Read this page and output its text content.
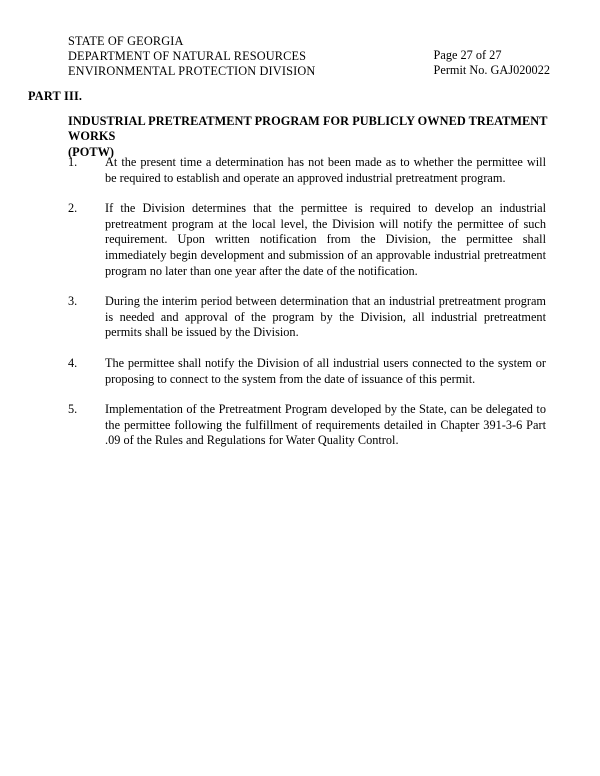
STATE OF GEORGIA
DEPARTMENT OF NATURAL RESOURCES
ENVIRONMENTAL PROTECTION DIVISION
Page 27 of 27
Permit No. GAJ020022
PART III.
INDUSTRIAL PRETREATMENT PROGRAM FOR PUBLICLY OWNED TREATMENT WORKS
(POTW)
1.	At the present time a determination has not been made as to whether the permittee will be required to establish and operate an approved industrial pretreatment program.
2.	If the Division determines that the permittee is required to develop an industrial pretreatment program at the local level, the Division will notify the permittee of such requirement. Upon written notification from the Division, the permittee shall immediately begin development and submission of an approvable industrial pretreatment program no later than one year after the date of the notification.
3.	During the interim period between determination that an industrial pretreatment program is needed and approval of the program by the Division, all industrial pretreatment permits shall be issued by the Division.
4.	The permittee shall notify the Division of all industrial users connected to the system or proposing to connect to the system from the date of issuance of this permit.
5.	Implementation of the Pretreatment Program developed by the State, can be delegated to the permittee following the fulfillment of requirements detailed in Chapter 391-3-6 Part .09 of the Rules and Regulations for Water Quality Control.
